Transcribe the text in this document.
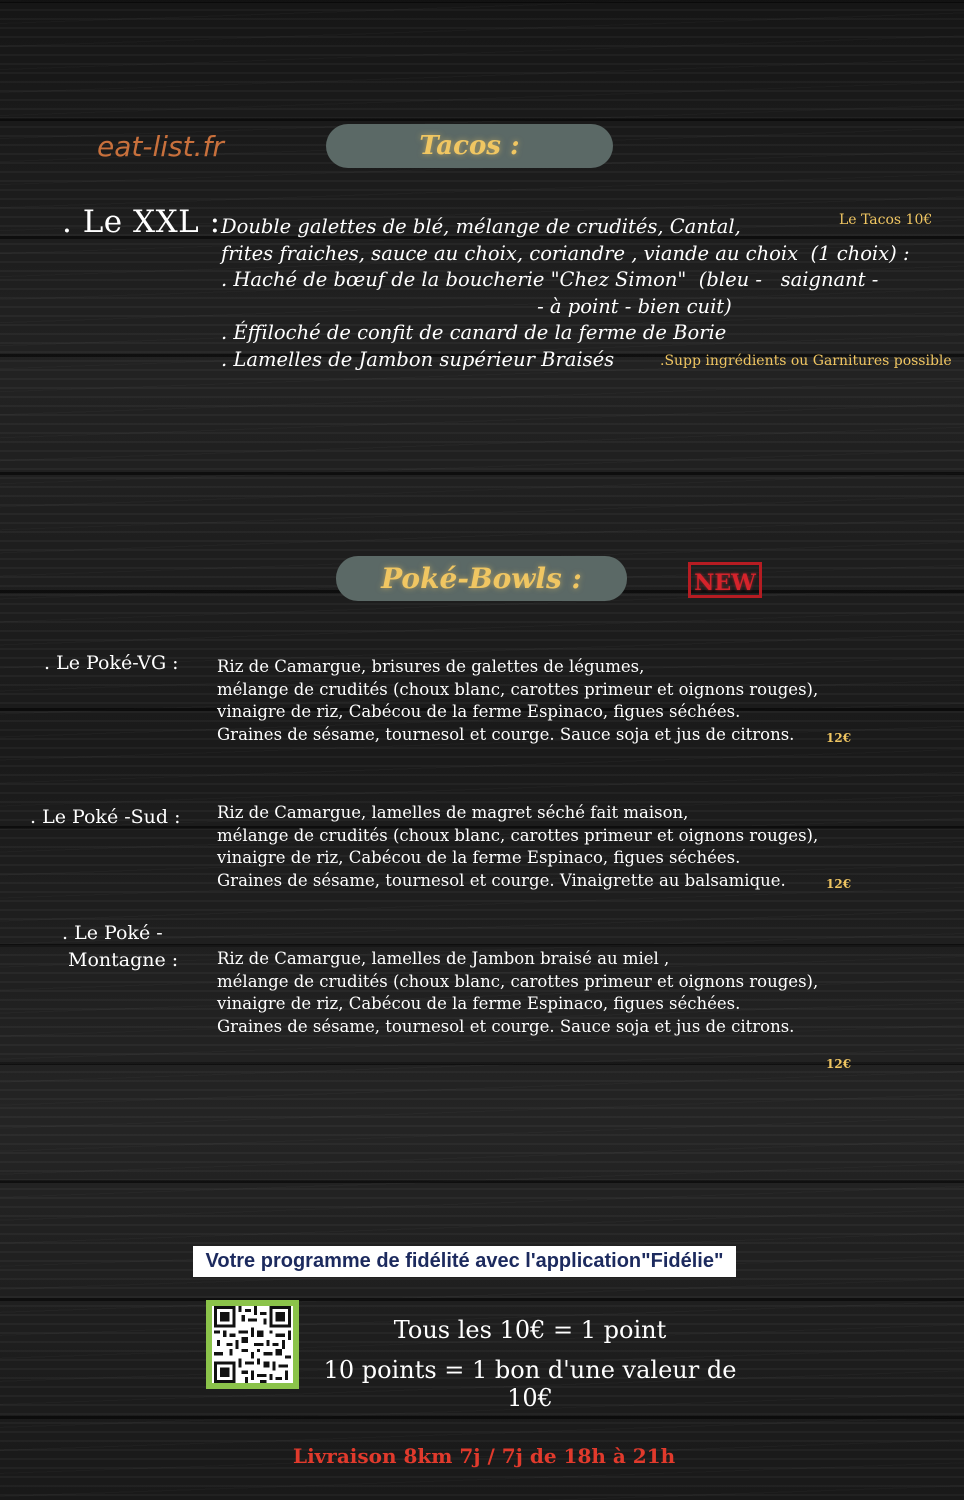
eat-list.fr	Tacos :
. Le XXL :	Le Tacos 10€
Double galettes de blé, mélange de crudités, Cantal,
frites fraiches, sauce au choix, coriandre , viande au choix  (1 choix) :
. Haché de bœuf de la boucherie "Chez Simon"  (bleu -   saignant -
- à point - bien cuit)
. Éffiloché de confit de canard de la ferme de Borie
. Lamelles de Jambon supérieur Braisés	.Supp ingrédients ou Garnitures possible
Poké-Bowls :	NEW
. Le Poké-VG : Riz de Camargue, brisures de galettes de légumes,
mélange de crudités (choux blanc, carottes primeur et oignons rouges),
vinaigre de riz, Cabécou de la ferme Espinaco, figues séchées.
Graines de sésame, tournesol et courge. Sauce soja et jus de citrons.	12€
. Le Poké -Sud : Riz de Camargue, lamelles de magret séché fait maison,
mélange de crudités (choux blanc, carottes primeur et oignons rouges),
vinaigre de riz, Cabécou de la ferme Espinaco, figues séchées.
Graines de sésame, tournesol et courge. Vinaigrette au balsamique.	12€
. Le Poké -
Montagne : Riz de Camargue, lamelles de Jambon braisé au miel ,
mélange de crudités (choux blanc, carottes primeur et oignons rouges),
vinaigre de riz, Cabécou de la ferme Espinaco, figues séchées.
Graines de sésame, tournesol et courge. Sauce soja et jus de citrons.
12€
Votre programme de fidélité avec l'application"Fidélie"
Tous les 10€ = 1 point
10 points = 1 bon d'une valeur de 10€
Livraison 8km 7j / 7j de 18h à 21h
